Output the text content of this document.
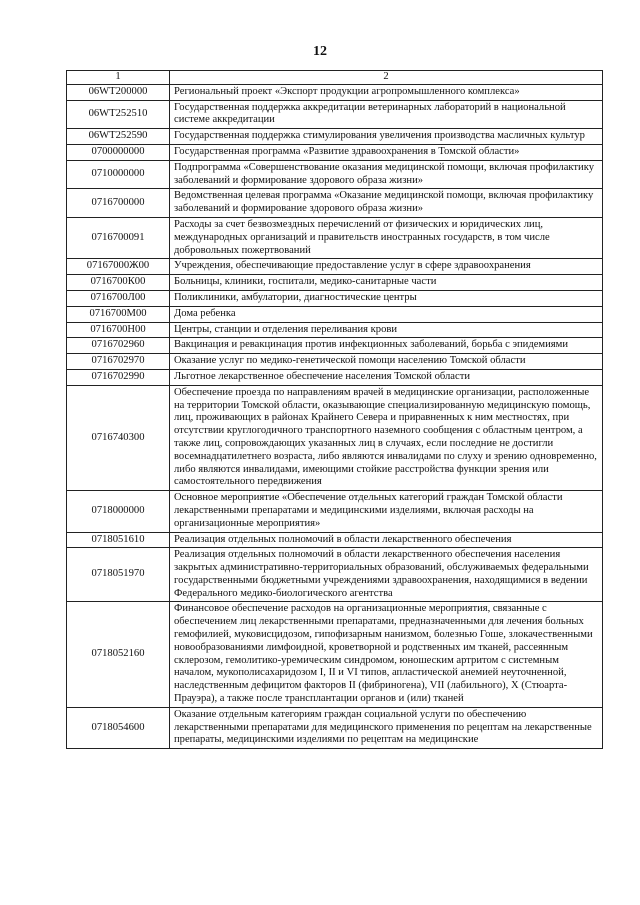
12
1	2
06WT200000	Региональный проект «Экспорт продукции агропромышленного комплекса»
06WT252510	Государственная поддержка аккредитации ветеринарных лабораторий в национальной системе аккредитации
06WT252590	Государственная поддержка стимулирования увеличения производства масличных культур
0700000000	Государственная программа «Развитие здравоохранения в Томской области»
0710000000	Подпрограмма «Совершенствование оказания медицинской помощи, включая профилактику заболеваний и формирование здорового образа жизни»
0716700000	Ведомственная целевая программа «Оказание медицинской помощи, включая профилактику заболеваний и формирование здорового образа жизни»
0716700091	Расходы за счет безвозмездных перечислений от физических и юридических лиц, международных организаций и правительств иностранных государств, в том числе добровольных пожертвований
07167000Ж00	Учреждения, обеспечивающие предоставление услуг в сфере здравоохранения
0716700К00	Больницы, клиники, госпитали, медико-санитарные части
0716700Л00	Поликлиники, амбулатории, диагностические центры
0716700М00	Дома ребенка
0716700Н00	Центры, станции и отделения переливания крови
0716702960	Вакцинация и ревакцинация против инфекционных заболеваний, борьба с эпидемиями
0716702970	Оказание услуг по медико-генетической помощи населению Томской области
0716702990	Льготное лекарственное обеспечение населения Томской области
0716740300	Обеспечение проезда по направлениям врачей в медицинские организации, расположенные на территории Томской области, оказывающие специализированную медицинскую помощь, лиц, проживающих в районах Крайнего Севера и приравненных к ним местностях, при отсутствии круглогодичного транспортного наземного сообщения с областным центром, а также лиц, сопровождающих указанных лиц в случаях, если последние не достигли восемнадцатилетнего возраста, либо являются инвалидами по слуху и зрению одновременно, либо являются инвалидами, имеющими стойкие расстройства функции зрения или самостоятельного передвижения
0718000000	Основное мероприятие «Обеспечение отдельных категорий граждан Томской области лекарственными препаратами и медицинскими изделиями, включая расходы на организационные мероприятия»
0718051610	Реализация отдельных полномочий в области лекарственного обеспечения
0718051970	Реализация отдельных полномочий в области лекарственного обеспечения населения закрытых административно-территориальных образований, обслуживаемых федеральными государственными бюджетными учреждениями здравоохранения, находящимися в ведении Федерального медико-биологического агентства
0718052160	Финансовое обеспечение расходов на организационные мероприятия, связанные с обеспечением лиц лекарственными препаратами, предназначенными для лечения больных гемофилией, муковисцидозом, гипофизарным нанизмом, болезнью Гоше, злокачественными новообразованиями лимфоидной, кроветворной и родственных им тканей, рассеянным склерозом, гемолитико-уремическим синдромом, юношеским артритом с системным началом, мукополисахаридозом I, II и VI типов, апластической анемией неуточненной, наследственным дефицитом факторов II (фибриногена), VII (лабильного), X (Стюарта-Прауэра), а также после трансплантации органов и (или) тканей
0718054600	Оказание отдельным категориям граждан социальной услуги по обеспечению лекарственными препаратами для медицинского применения по рецептам на лекарственные препараты, медицинскими изделиями по рецептам на медицинские
